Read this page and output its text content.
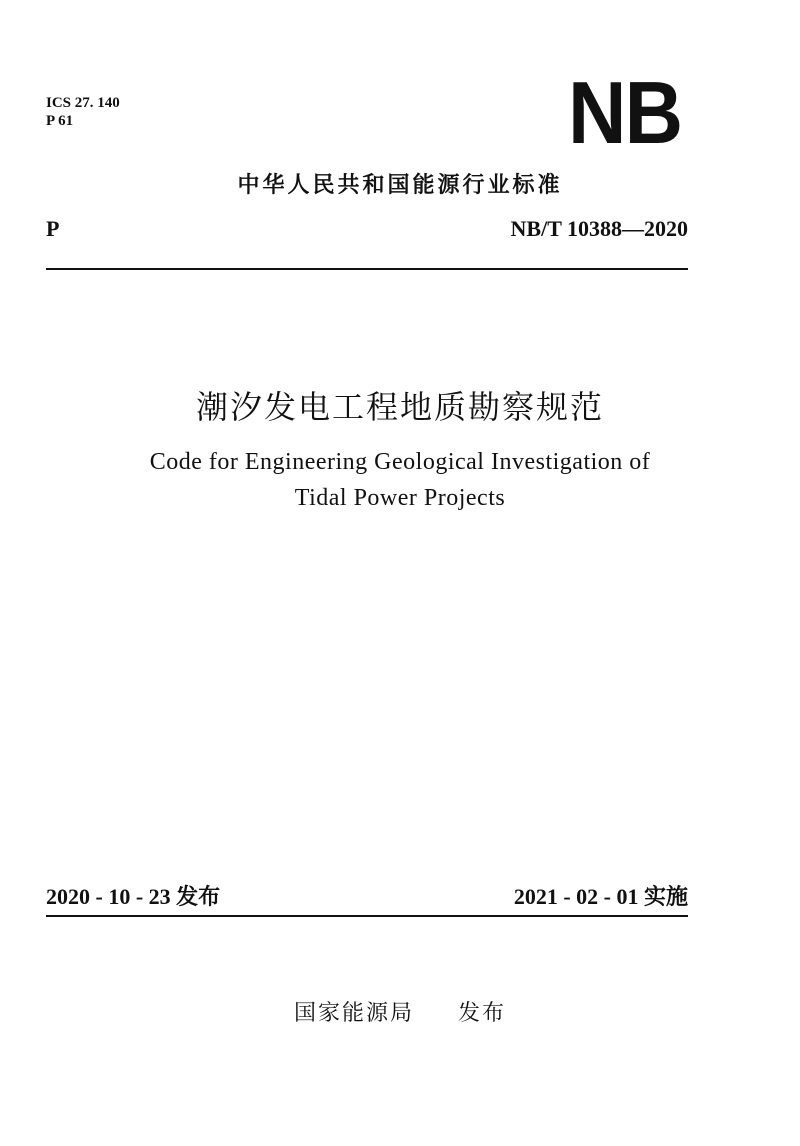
ICS 27. 140
P 61	NB
中华人民共和国能源行业标准
P	NB/T 10388—2020
潮汐发电工程地质勘察规范
Code for Engineering Geological Investigation of
Tidal Power Projects
2020 - 10 - 23 发布	2021 - 02 - 01 实施
国家能源局 发布
